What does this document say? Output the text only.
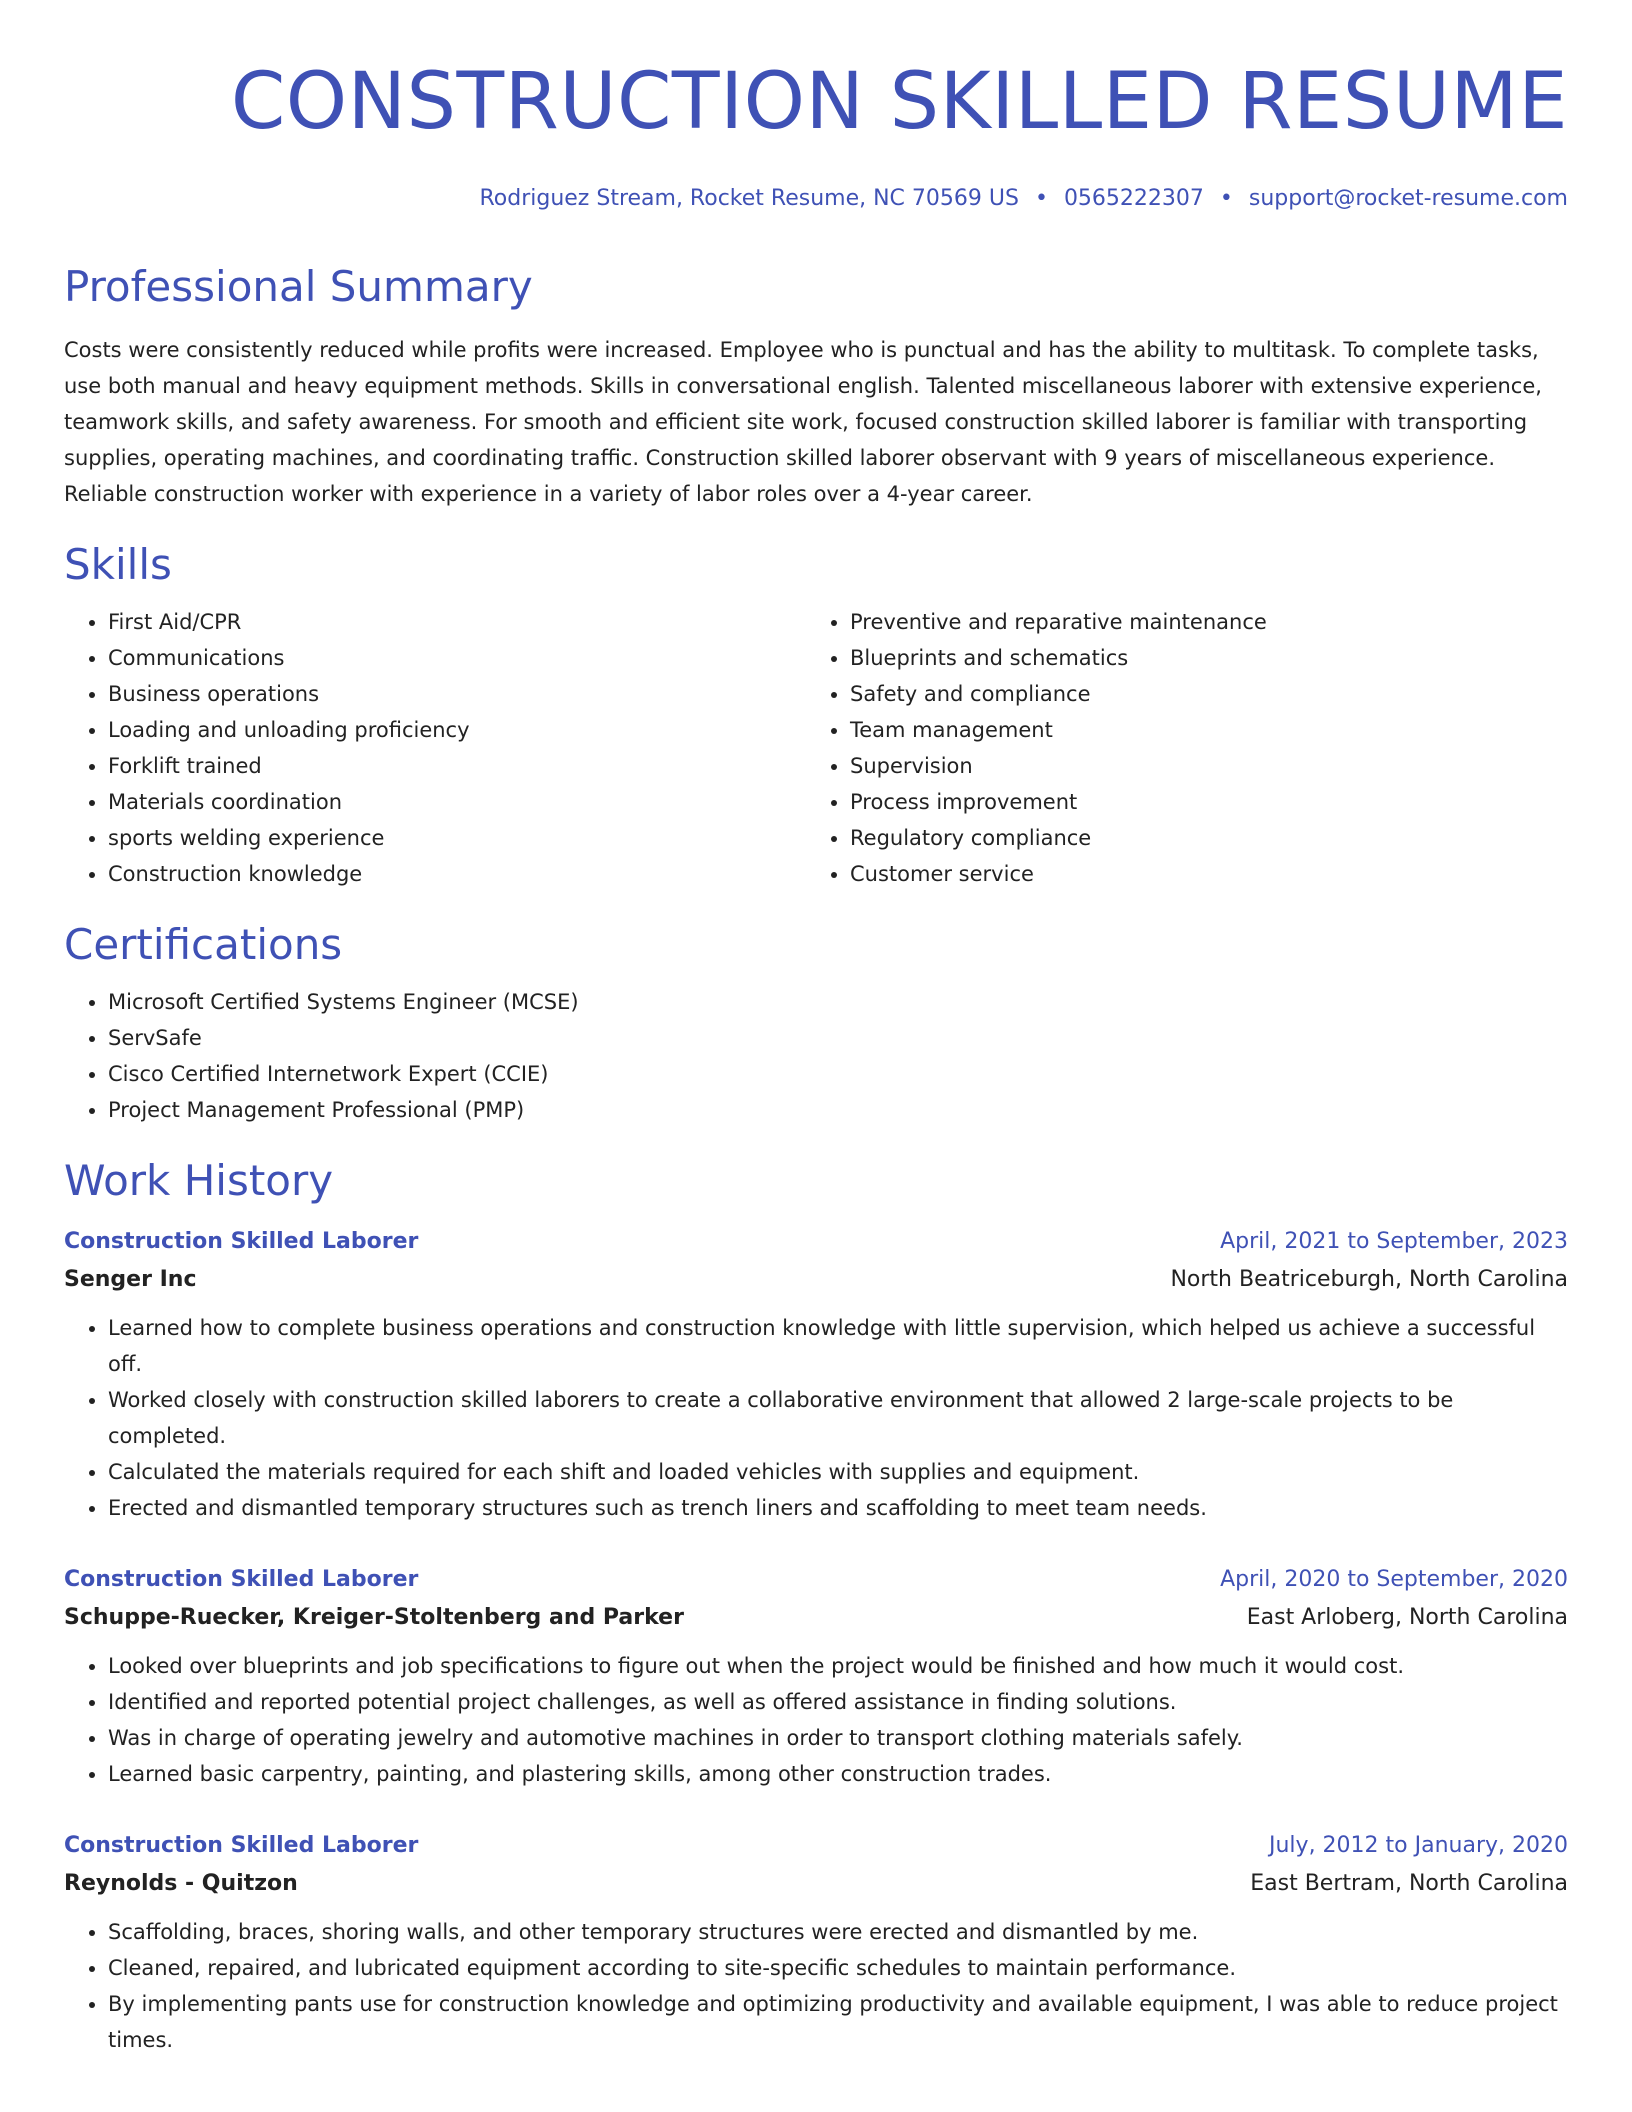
CONSTRUCTION SKILLED RESUME
Rodriguez Stream, Rocket Resume, NC 70569 US • 0565222307 • support@rocket-resume.com
Professional Summary

Costs were consistently reduced while profits were increased. Employee who is punctual and has the ability to multitask. To complete tasks, use both manual and heavy equipment methods. Skills in conversational english. Talented miscellaneous laborer with extensive experience, teamwork skills, and safety awareness. For smooth and efficient site work, focused construction skilled laborer is familiar with transporting supplies, operating machines, and coordinating traffic. Construction skilled laborer observant with 9 years of miscellaneous experience. Reliable construction worker with experience in a variety of labor roles over a 4-year career.

Skills
• First Aid/CPR
• Communications
• Business operations
• Loading and unloading proficiency
• Forklift trained
• Materials coordination
• sports welding experience
• Construction knowledge
• Preventive and reparative maintenance
• Blueprints and schematics
• Safety and compliance
• Team management
• Supervision
• Process improvement
• Regulatory compliance
• Customer service
Certifications
• Microsoft Certified Systems Engineer (MCSE)
• ServSafe
• Cisco Certified Internetwork Expert (CCIE)
• Project Management Professional (PMP)
Work History
Construction Skilled Laborer	April, 2021 to September, 2023
Senger Inc	North Beatriceburgh, North Carolina
• Learned how to complete business operations and construction knowledge with little supervision, which helped us achieve a successful off.
• Worked closely with construction skilled laborers to create a collaborative environment that allowed 2 large-scale projects to be completed.
• Calculated the materials required for each shift and loaded vehicles with supplies and equipment.
• Erected and dismantled temporary structures such as trench liners and scaffolding to meet team needs.
Construction Skilled Laborer	April, 2020 to September, 2020
Schuppe-Ruecker, Kreiger-Stoltenberg and Parker	East Arloberg, North Carolina
• Looked over blueprints and job specifications to figure out when the project would be finished and how much it would cost.
• Identified and reported potential project challenges, as well as offered assistance in finding solutions.
• Was in charge of operating jewelry and automotive machines in order to transport clothing materials safely.
• Learned basic carpentry, painting, and plastering skills, among other construction trades.
Construction Skilled Laborer	July, 2012 to January, 2020
Reynolds - Quitzon	East Bertram, North Carolina
• Scaffolding, braces, shoring walls, and other temporary structures were erected and dismantled by me.
• Cleaned, repaired, and lubricated equipment according to site-specific schedules to maintain performance.
• By implementing pants use for construction knowledge and optimizing productivity and available equipment, I was able to reduce project times.
